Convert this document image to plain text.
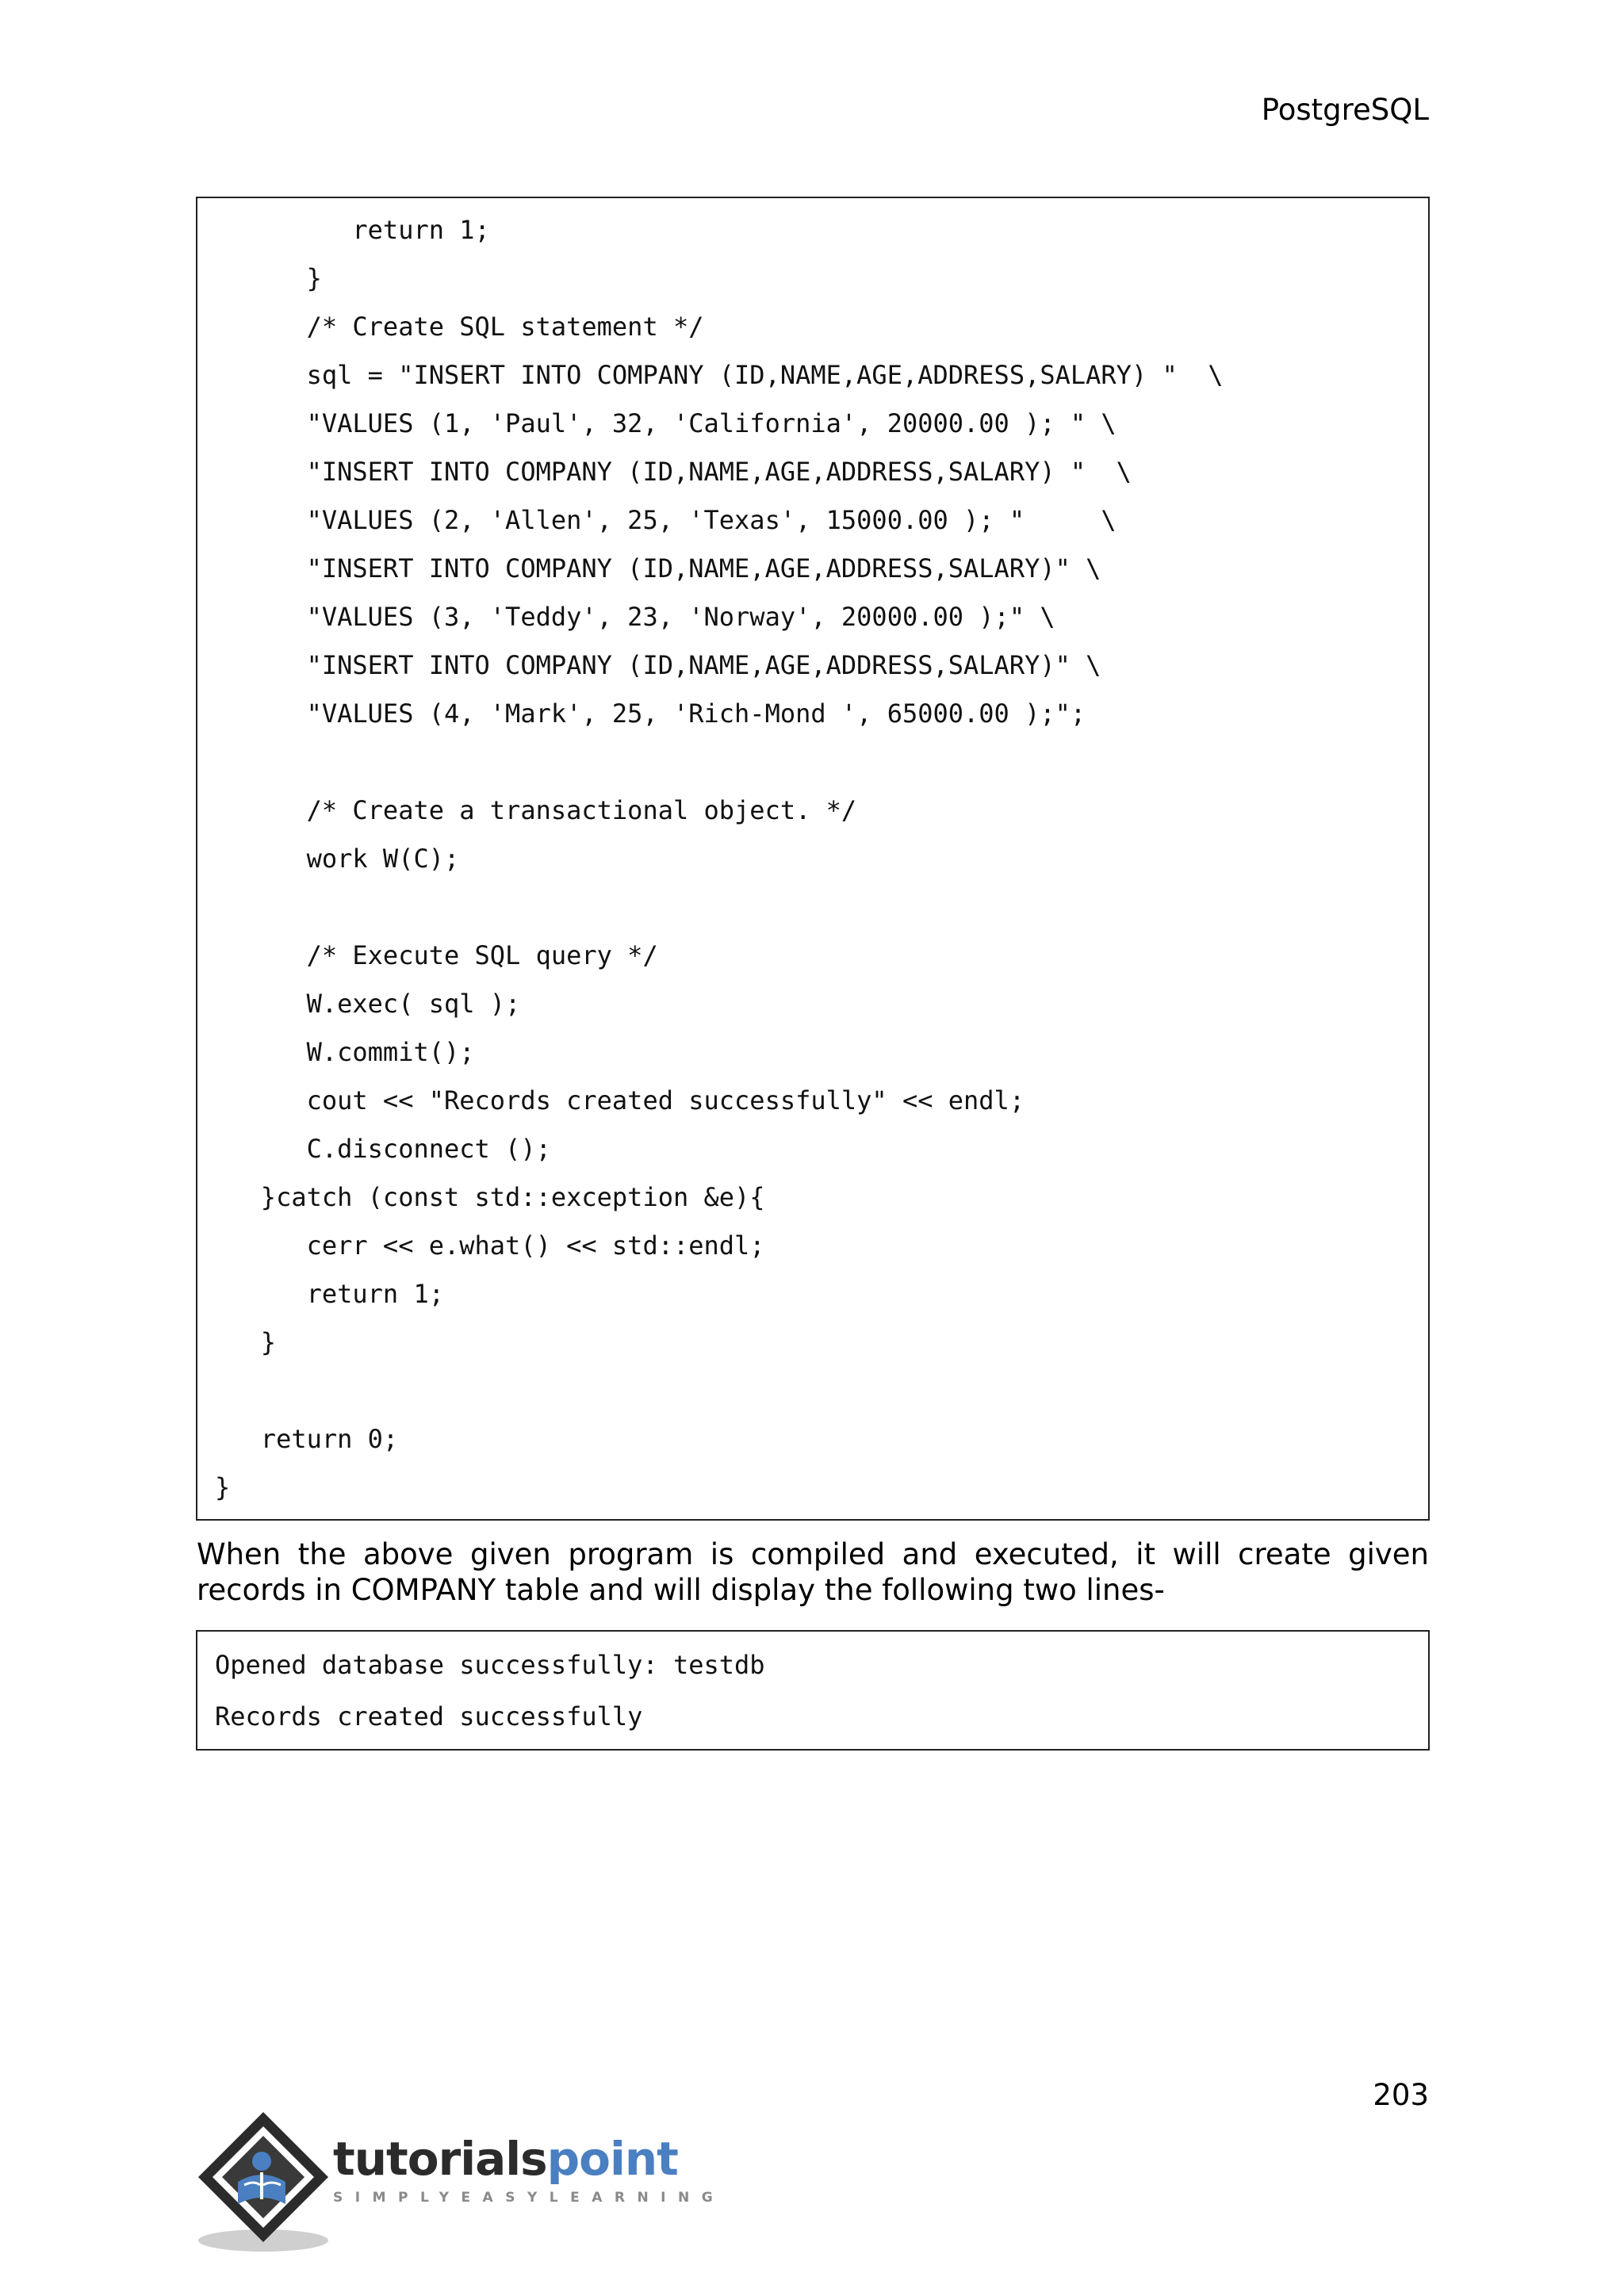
PostgreSQL
return 1;
}
/* Create SQL statement */
sql = "INSERT INTO COMPANY (ID,NAME,AGE,ADDRESS,SALARY) "  \
"VALUES (1, 'Paul', 32, 'California', 20000.00 ); " \
"INSERT INTO COMPANY (ID,NAME,AGE,ADDRESS,SALARY) "  \
"VALUES (2, 'Allen', 25, 'Texas', 15000.00 ); "     \
"INSERT INTO COMPANY (ID,NAME,AGE,ADDRESS,SALARY)" \
"VALUES (3, 'Teddy', 23, 'Norway', 20000.00 );" \
"INSERT INTO COMPANY (ID,NAME,AGE,ADDRESS,SALARY)" \
"VALUES (4, 'Mark', 25, 'Rich-Mond ', 65000.00 );";
/* Create a transactional object. */
work W(C);
/* Execute SQL query */
W.exec( sql );
W.commit();
cout << "Records created successfully" << endl;
C.disconnect ();
}catch (const std::exception &e){
cerr << e.what() << std::endl;
return 1;
}
return 0;
}
When the above given program is compiled and executed, it will create given records in COMPANY table and will display the following two lines-
Opened database successfully: testdb
Records created successfully
203
tutorialspoint
SIMPLYEASYLEARNING
